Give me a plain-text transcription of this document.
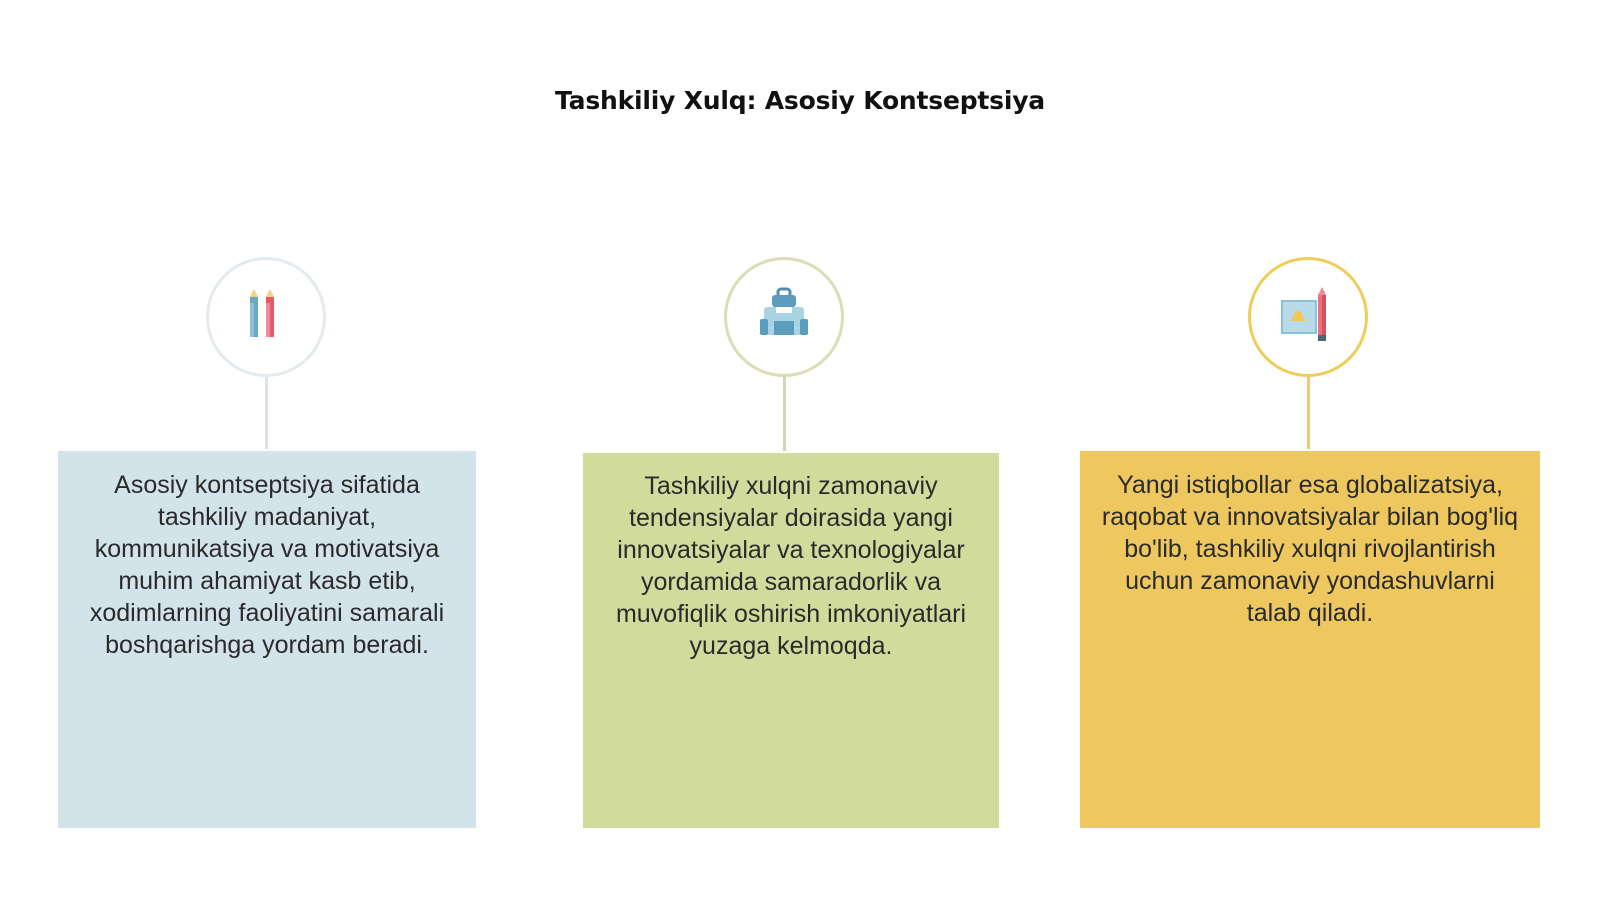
Tashkiliy Xulq: Asosiy Kontseptsiya
Asosiy kontseptsiya sifatida tashkiliy madaniyat, kommunikatsiya va motivatsiya muhim ahamiyat kasb etib, xodimlarning faoliyatini samarali boshqarishga yordam beradi.
Tashkiliy xulqni zamonaviy tendensiyalar doirasida yangi innovatsiyalar va texnologiyalar yordamida samaradorlik va muvofiqlik oshirish imkoniyatlari yuzaga kelmoqda.
Yangi istiqbollar esa globalizatsiya, raqobat va innovatsiyalar bilan bog'liq bo'lib, tashkiliy xulqni rivojlantirish uchun zamonaviy yondashuvlarni talab qiladi.
